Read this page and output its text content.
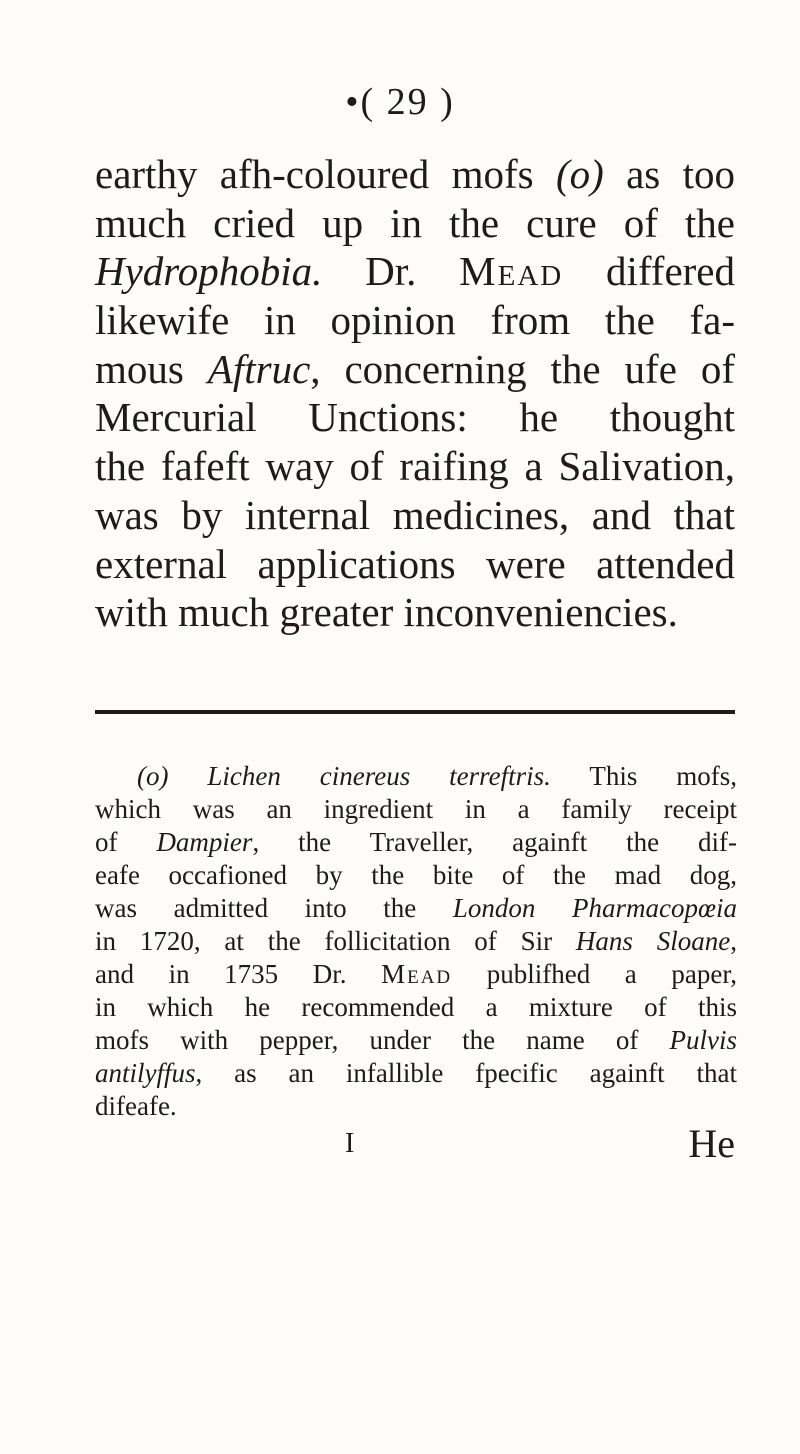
•( 29 )
earthy afh-coloured mofs (o) as too
much cried up in the cure of the
Hydrophobia. Dr. Mead differed
likewife in opinion from the fa-
mous Aftruc, concerning the ufe of
Mercurial Unctions: he thought
the fafeft way of raifing a Salivation,
was by internal medicines, and that
external applications were attended
with much greater inconveniencies.
(o) Lichen cinereus terreftris. This mofs,
which was an ingredient in a family receipt
of Dampier, the Traveller, againft the dif-
eafe occafioned by the bite of the mad dog,
was admitted into the London Pharmacopœia
in 1720, at the follicitation of Sir Hans Sloane,
and in 1735 Dr. Mead publifhed a paper,
in which he recommended a mixture of this
mofs with pepper, under the name of Pulvis
antilyffus, as an infallible fpecific againft that
difeafe.
I	He
